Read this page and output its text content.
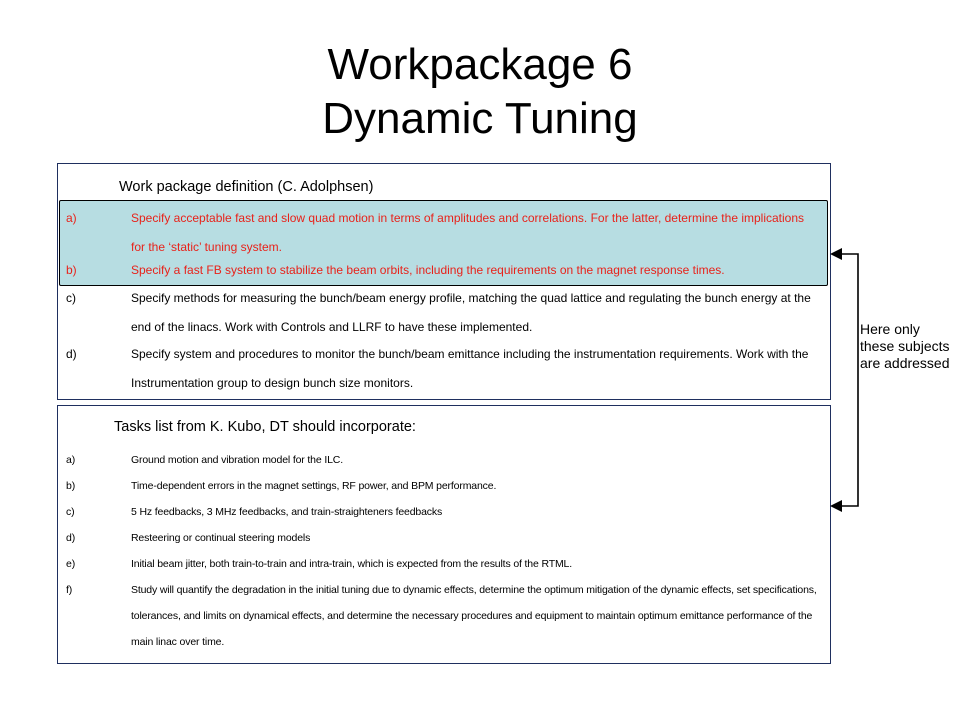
Workpackage 6
Dynamic Tuning
Work package definition (C. Adolphsen)
a)	Specify acceptable fast and slow quad motion in terms of amplitudes and correlations. For the latter, determine the implications for the ‘static’ tuning system.
b)	Specify a fast FB system to stabilize the beam orbits, including the requirements on the magnet response times.
c)	Specify methods for measuring the bunch/beam energy profile, matching the quad lattice and regulating the bunch energy at the end of the linacs. Work with Controls and LLRF to have these implemented.
d)	Specify system and procedures to monitor the bunch/beam emittance including the instrumentation requirements. Work with the Instrumentation group to design bunch size monitors.
Tasks list from K. Kubo, DT should incorporate:
a)	Ground motion and vibration model for the ILC.
b)	Time-dependent errors in the magnet settings, RF power, and BPM performance.
c)	5 Hz feedbacks, 3 MHz feedbacks, and train-straighteners feedbacks
d)	Resteering or continual steering models
e)	Initial beam jitter, both train-to-train and intra-train, which is expected from the results of the RTML.
f)	Study will quantify the degradation in the initial tuning due to dynamic effects, determine the optimum mitigation of the dynamic effects, set specifications, tolerances, and limits on dynamical effects, and determine the necessary procedures and equipment to maintain optimum emittance performance of the main linac over time.
Here only these subjects are addressed
